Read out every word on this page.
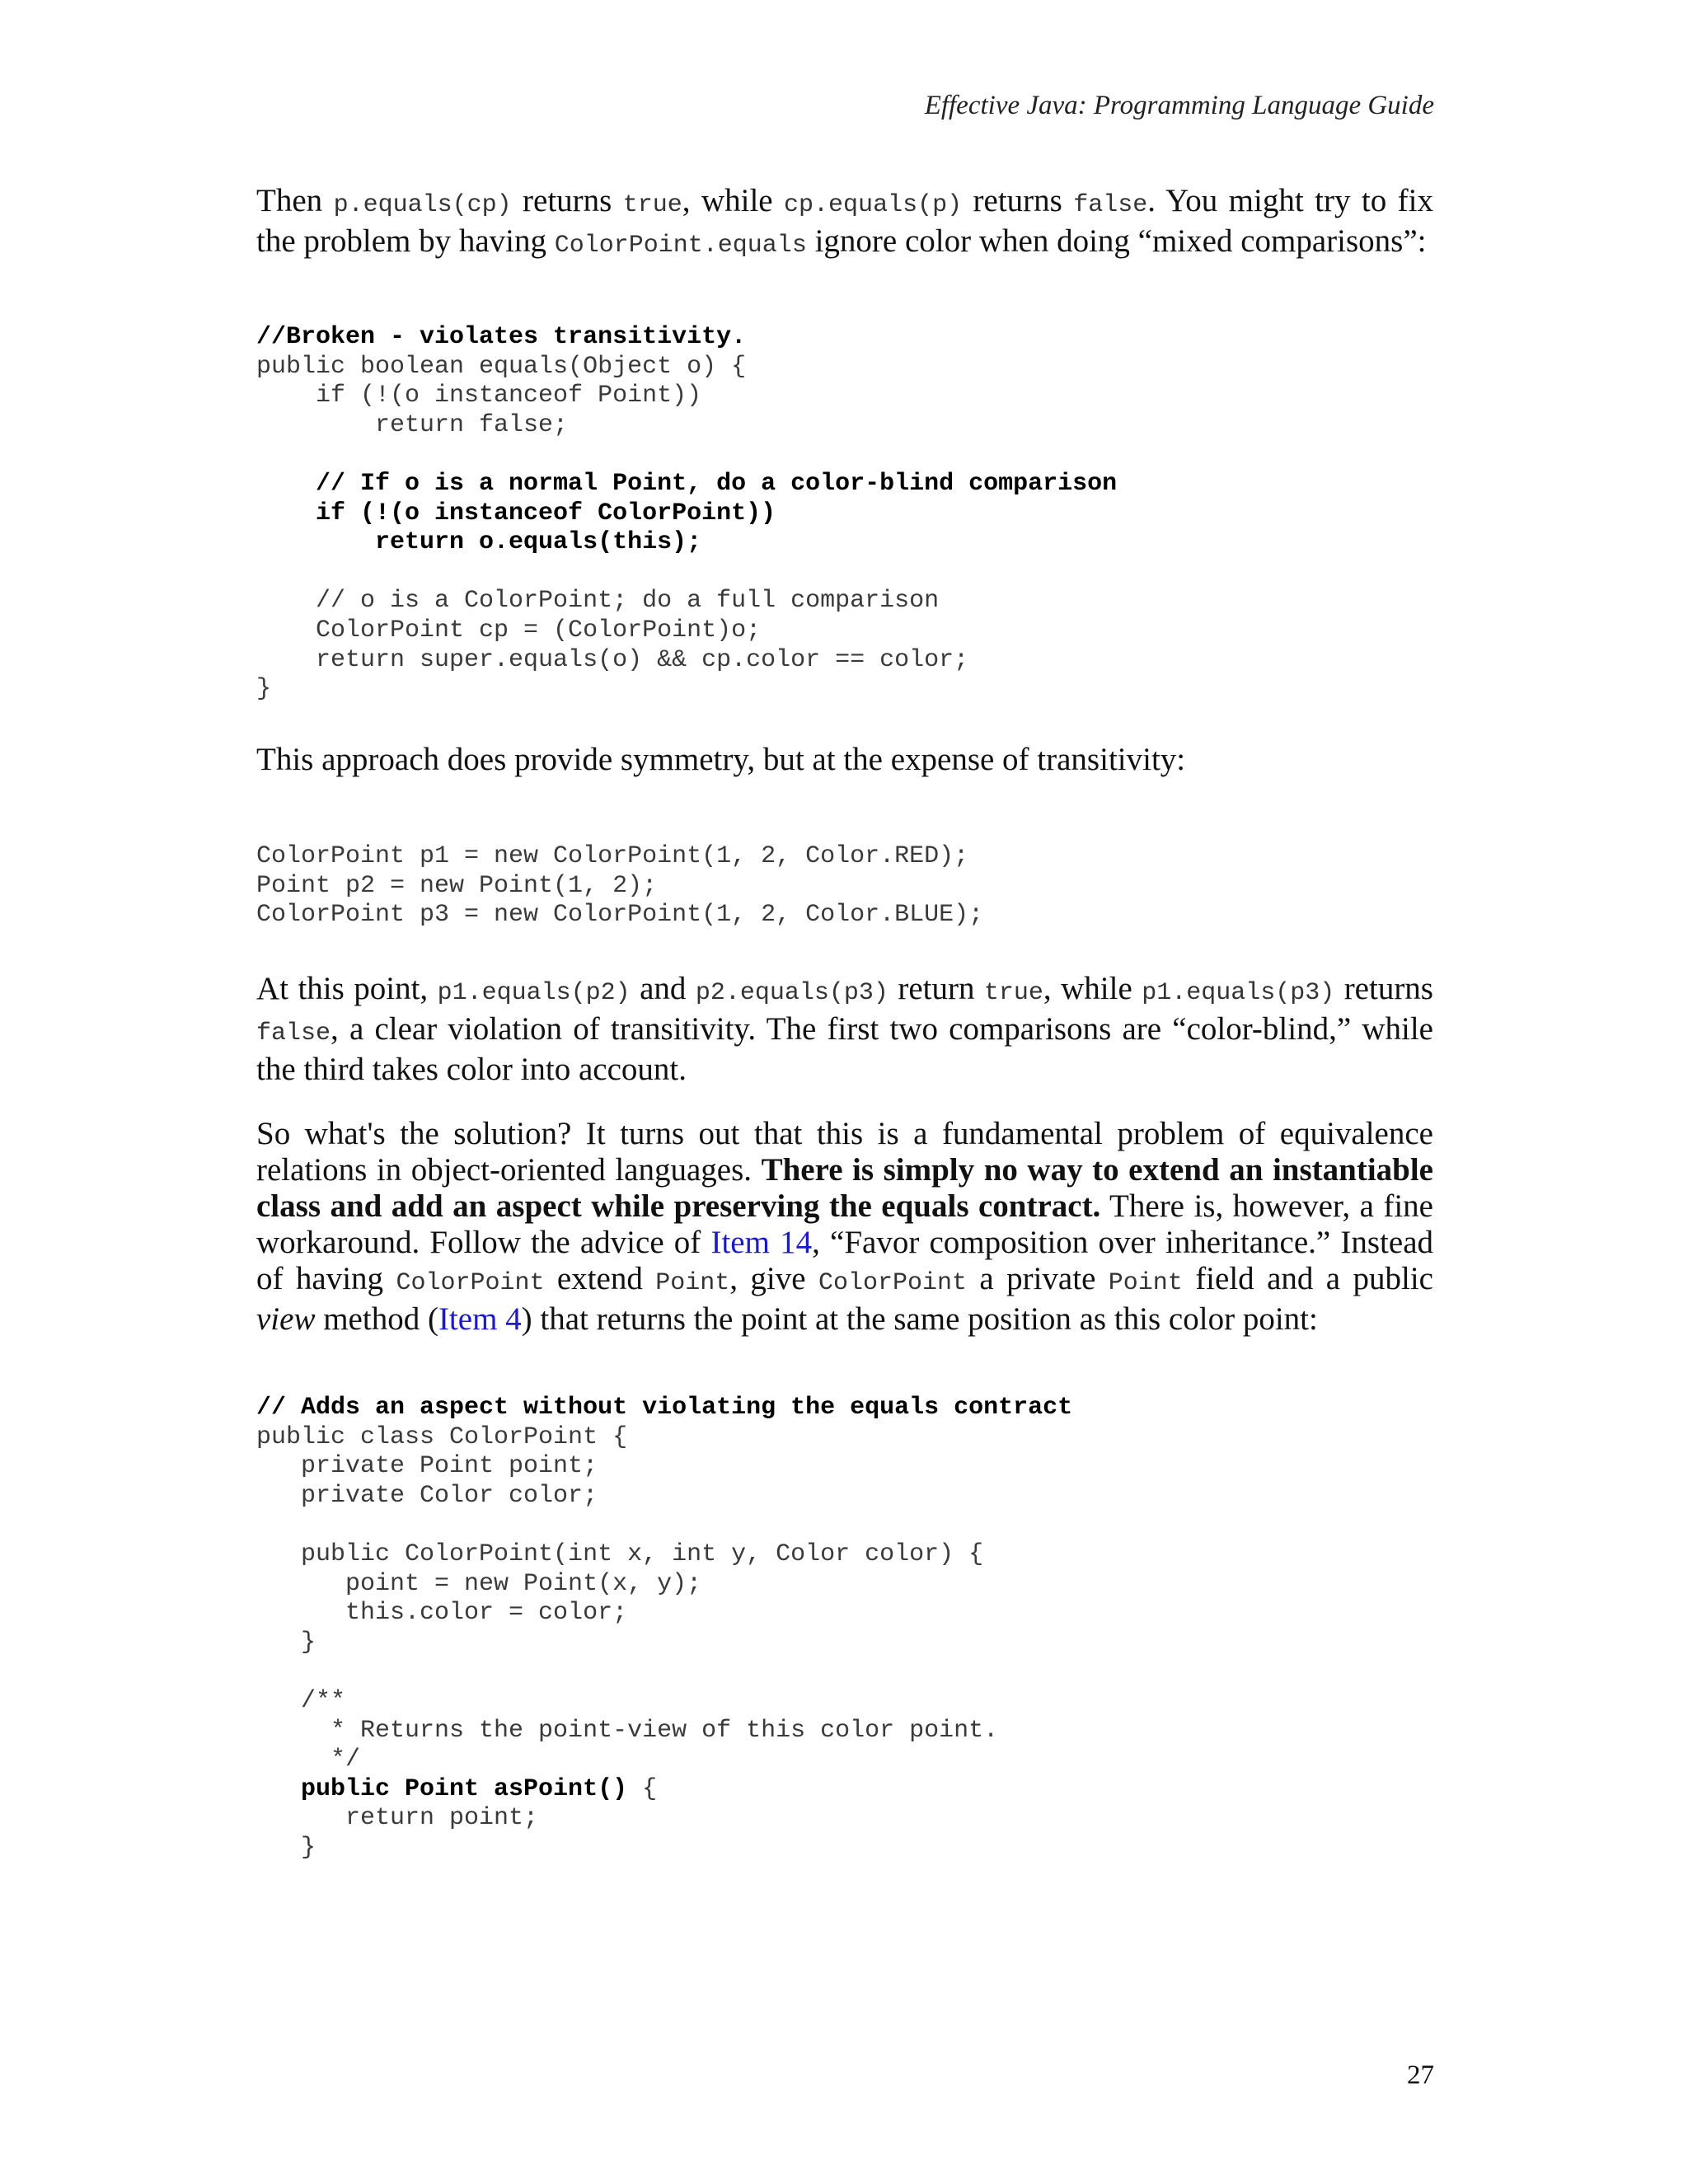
Effective Java: Programming Language Guide
Then p.equals(cp) returns true, while cp.equals(p) returns false. You might try to fix the problem by having ColorPoint.equals ignore color when doing “mixed comparisons”:
//Broken - violates transitivity.
public boolean equals(Object o) {
if (!(o instanceof Point))
return false;

// If o is a normal Point, do a color-blind comparison
if (!(o instanceof ColorPoint))
return o.equals(this);

// o is a ColorPoint; do a full comparison
ColorPoint cp = (ColorPoint)o;
return super.equals(o) && cp.color == color;
}
This approach does provide symmetry, but at the expense of transitivity:
ColorPoint p1 = new ColorPoint(1, 2, Color.RED);
Point p2 = new Point(1, 2);
ColorPoint p3 = new ColorPoint(1, 2, Color.BLUE);
At this point, p1.equals(p2) and p2.equals(p3) return true, while p1.equals(p3) returns false, a clear violation of transitivity. The first two comparisons are “color-blind,” while the third takes color into account.
So what's the solution? It turns out that this is a fundamental problem of equivalence relations in object-oriented languages. There is simply no way to extend an instantiable class and add an aspect while preserving the equals contract. There is, however, a fine workaround. Follow the advice of Item 14, “Favor composition over inheritance.” Instead of having ColorPoint extend Point, give ColorPoint a private Point field and a public view method (Item 4) that returns the point at the same position as this color point:
// Adds an aspect without violating the equals contract
public class ColorPoint {
private Point point;
private Color color;

public ColorPoint(int x, int y, Color color) {
point = new Point(x, y);
this.color = color;
}

/**
* Returns the point-view of this color point.
*/
public Point asPoint() {
return point;
}
27
